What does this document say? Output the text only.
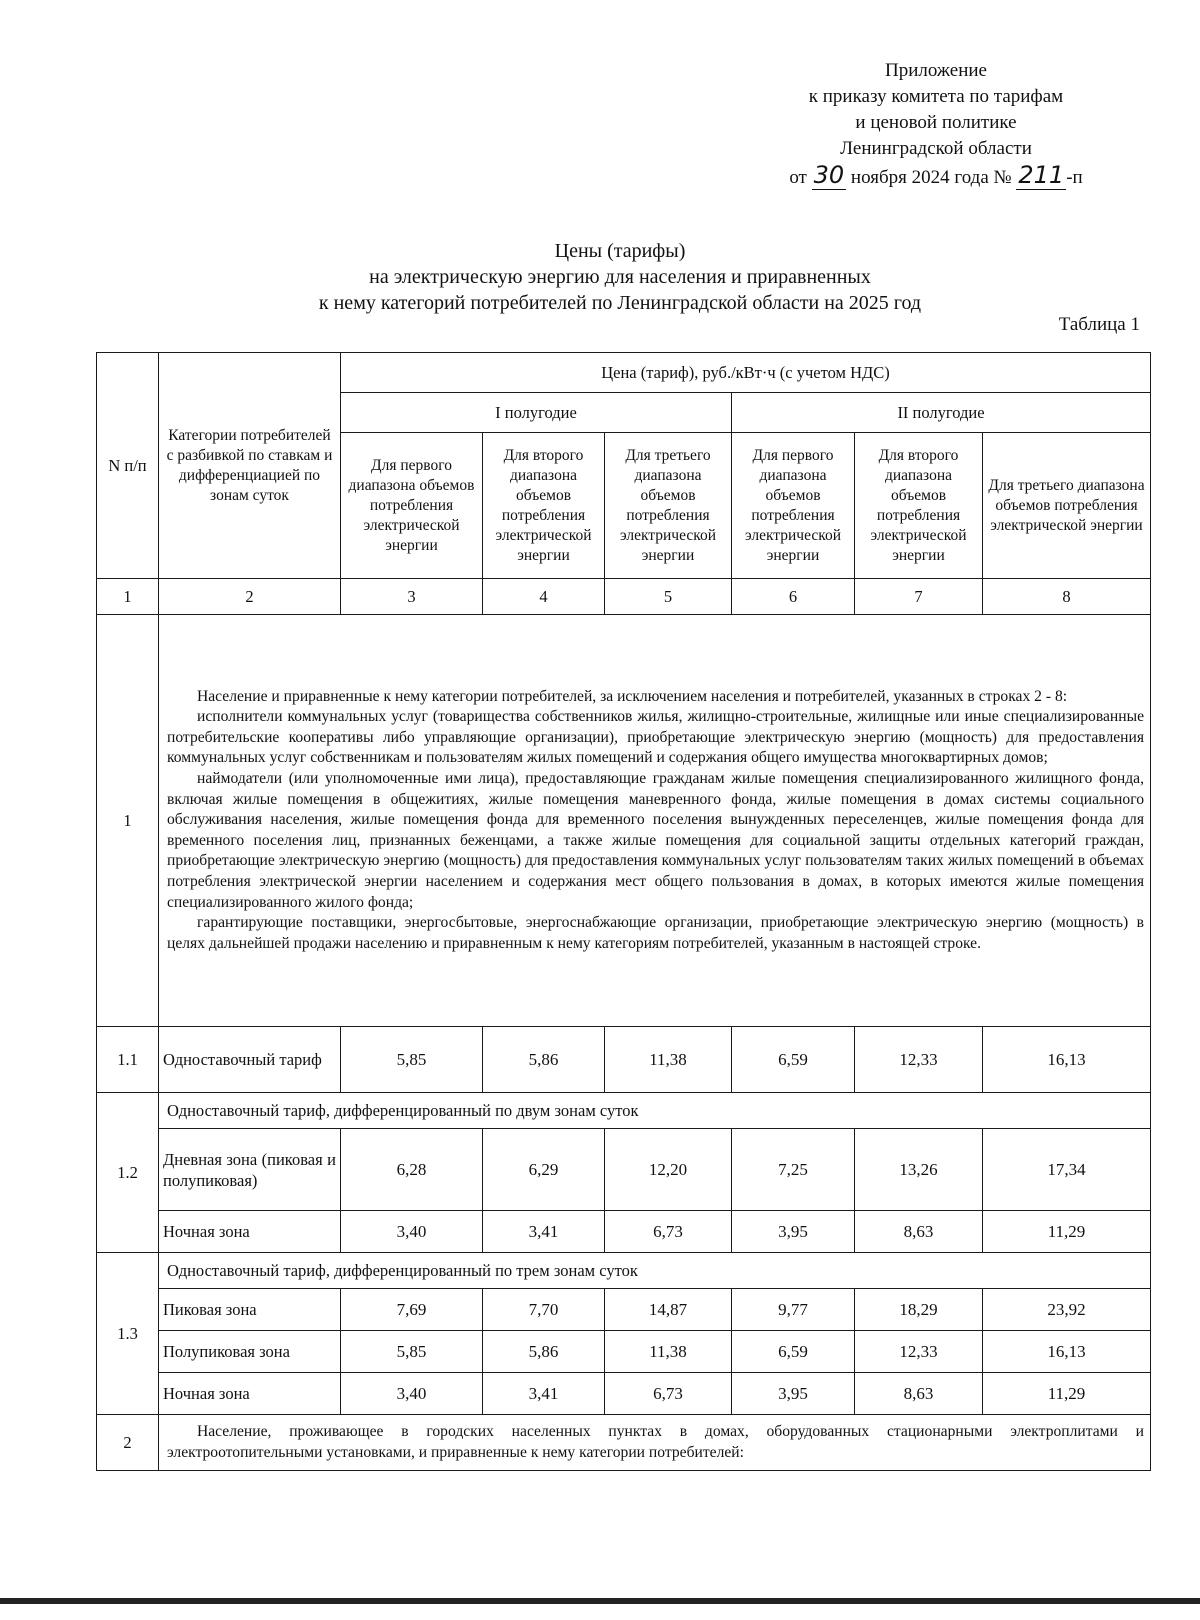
Приложение
к приказу комитета по тарифам
и ценовой политике
Ленинградской области
от 30 ноября 2024 года № 211 -п
Цены (тарифы)
на электрическую энергию для населения и приравненных
к нему категорий потребителей по Ленинградской области на 2025 год
Таблица 1
N п/п	Категории потребителей с разбивкой по ставкам и дифференциацией по зонам суток	Цена (тариф), руб./кВт·ч (с учетом НДС)					
		I полугодие			II полугодие		
		Для первого диапазона объемов потребления электрической энергии	Для второго диапазона объемов потребления электрической энергии	Для третьего диапазона объемов потребления электрической энергии	Для первого диапазона объемов потребления электрической энергии	Для второго диапазона объемов потребления электрической энергии	Для третьего диапазона объемов потребления электрической энергии
1	2	3	4	5	6	7	8
1	Население и приравненные к нему категории потребителей, за исключением населения и потребителей, указанных в строках 2 - 8:

исполнители коммунальных услуг (товарищества собственников жилья, жилищно-строительные, жилищные или иные специализированные потребительские кооперативы либо управляющие организации), приобретающие электрическую энергию (мощность) для предоставления коммунальных услуг собственникам и пользователям жилых помещений и содержания общего имущества многоквартирных домов;

наймодатели (или уполномоченные ими лица), предоставляющие гражданам жилые помещения специализированного жилищного фонда, включая жилые помещения в общежитиях, жилые помещения маневренного фонда, жилые помещения в домах системы социального обслуживания населения, жилые помещения фонда для временного поселения вынужденных переселенцев, жилые помещения фонда для временного поселения лиц, признанных беженцами, а также жилые помещения для социальной защиты отдельных категорий граждан, приобретающие электрическую энергию (мощность) для предоставления коммунальных услуг пользователям таких жилых помещений в объемах потребления электрической энергии населением и содержания мест общего пользования в домах, в которых имеются жилые помещения специализированного жилого фонда;

гарантирующие поставщики, энергосбытовые, энергоснабжающие организации, приобретающие электрическую энергию (мощность) в целях дальнейшей продажи населению и приравненным к нему категориям потребителей, указанным в настоящей строке.						

1.1	Одноставочный тариф	5,85	5,86	11,38	6,59	12,33	16,13
1.2	Одноставочный тариф, дифференцированный по двум зонам суток						
	Дневная зона (пиковая и полупиковая)	6,28	6,29	12,20	7,25	13,26	17,34
	Ночная зона	3,40	3,41	6,73	3,95	8,63	11,29
1.3	Одноставочный тариф, дифференцированный по трем зонам суток						
	Пиковая зона	7,69	7,70	14,87	9,77	18,29	23,92
	Полупиковая зона	5,85	5,86	11,38	6,59	12,33	16,13
	Ночная зона	3,40	3,41	6,73	3,95	8,63	11,29
2	Население, проживающее в городских населенных пунктах в домах, оборудованных стационарными электроплитами и электроотопительными установками, и приравненные к нему категории потребителей:						
